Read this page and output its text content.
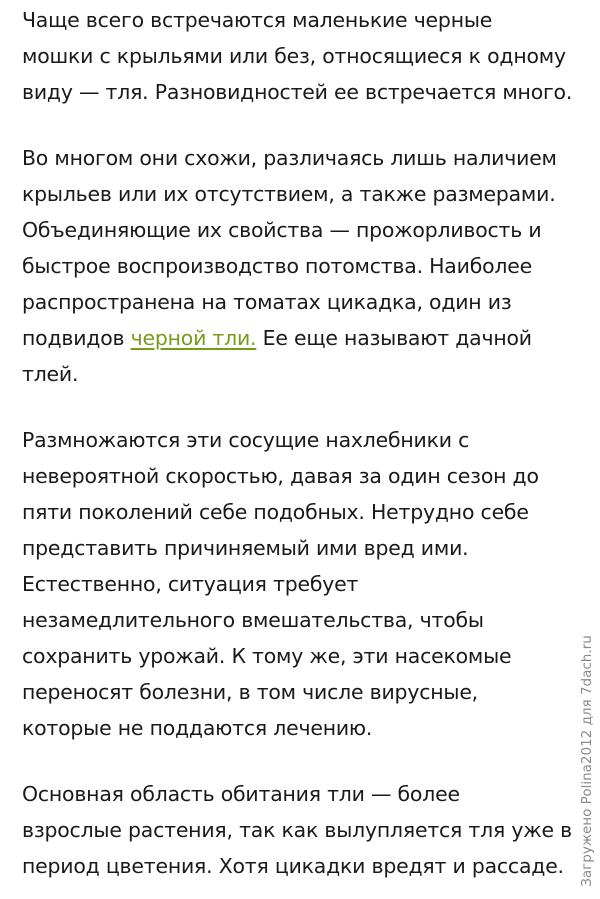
Чаще всего встречаются маленькие черные
мошки с крыльями или без, относящиеся к одному
виду — тля. Разновидностей ее встречается много.

Во многом они схожи, различаясь лишь наличием
крыльев или их отсутствием, а также размерами.
Объединяющие их свойства — прожорливость и
быстрое воспроизводство потомства. Наиболее
распространена на томатах цикадка, один из
подвидов черной тли. Ее еще называют дачной
тлей.

Размножаются эти сосущие нахлебники с
невероятной скоростью, давая за один сезон до
пяти поколений себе подобных. Нетрудно себе
представить причиняемый ими вред ими.
Естественно, ситуация требует
незамедлительного вмешательства, чтобы
сохранить урожай. К тому же, эти насекомые
переносят болезни, в том числе вирусные,
которые не поддаются лечению.

Основная область обитания тли — более
взрослые растения, так как вылупляется тля уже в
период цветения. Хотя цикадки вредят и рассаде.	Загружено Polina2012 для 7dach.ru
